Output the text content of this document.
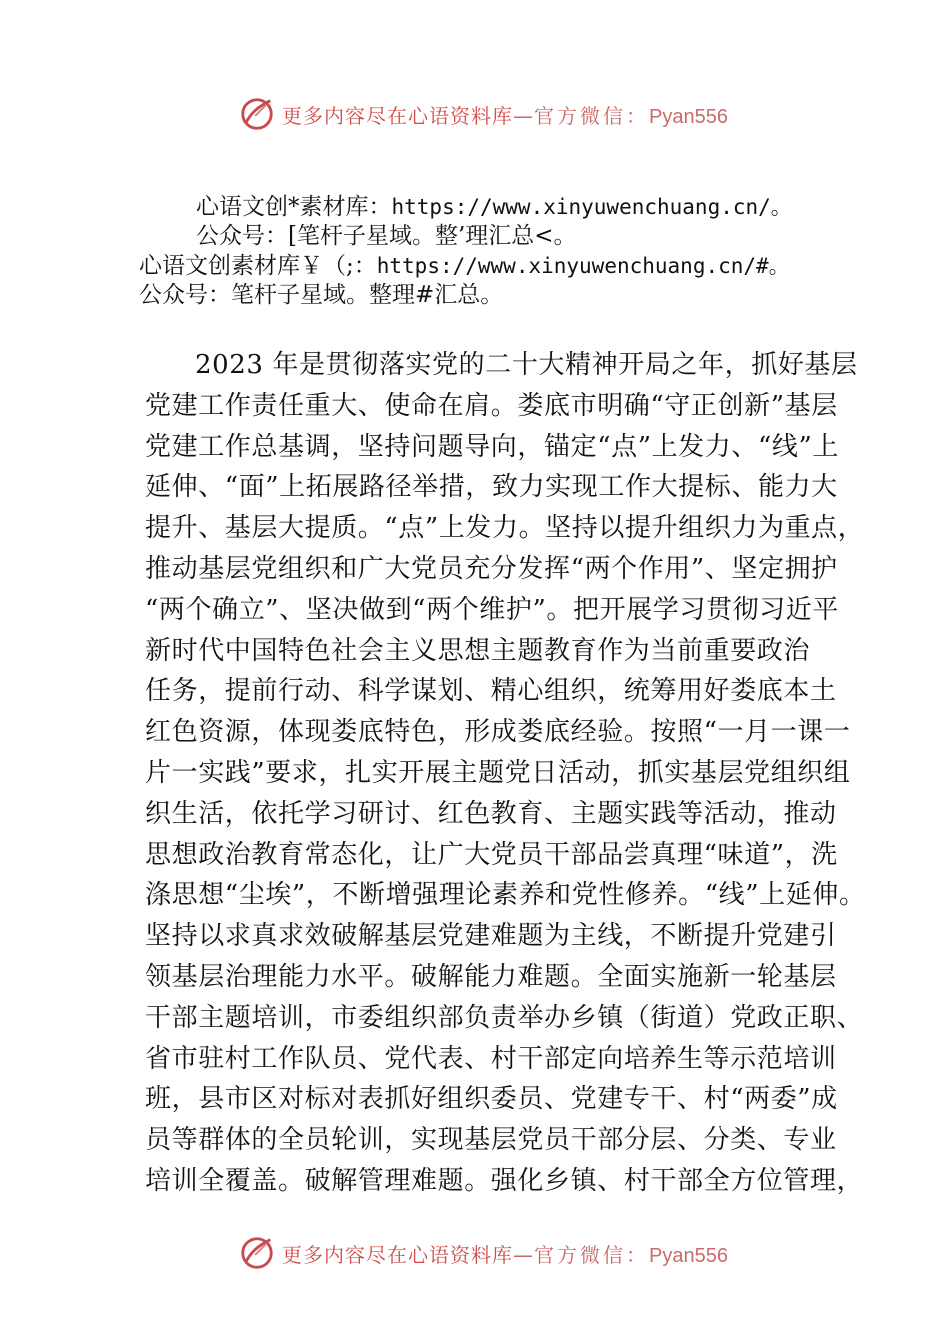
更多内容尽在心语资料库—官方微信：Pyan556
心语文创*素材库：https://www.xinyuwenchuang.cn/。
公众号：[笔杆子星域。整’理汇总<。
心语文创素材库￥（;：https://www.xinyuwenchuang.cn/#。
公众号：笔杆子星域。整理#汇总。
2023 年是贯彻落实党的二十大精神开局之年，抓好基层
党建工作责任重大、使命在肩。娄底市明确“守正创新”基层
党建工作总基调，坚持问题导向，锚定“点”上发力、“线”上
延伸、“面”上拓展路径举措，致力实现工作大提标、能力大
提升、基层大提质。“点”上发力。坚持以提升组织力为重点，
推动基层党组织和广大党员充分发挥“两个作用”、坚定拥护
“两个确立”、坚决做到“两个维护”。把开展学习贯彻习近平
新时代中国特色社会主义思想主题教育作为当前重要政治
任务，提前行动、科学谋划、精心组织，统筹用好娄底本土
红色资源，体现娄底特色，形成娄底经验。按照“一月一课一
片一实践”要求，扎实开展主题党日活动，抓实基层党组织组
织生活，依托学习研讨、红色教育、主题实践等活动，推动
思想政治教育常态化，让广大党员干部品尝真理“味道”，洗
涤思想“尘埃”，不断增强理论素养和党性修养。“线”上延伸。
坚持以求真求效破解基层党建难题为主线，不断提升党建引
领基层治理能力水平。破解能力难题。全面实施新一轮基层
干部主题培训，市委组织部负责举办乡镇（街道）党政正职、
省市驻村工作队员、党代表、村干部定向培养生等示范培训
班，县市区对标对表抓好组织委员、党建专干、村“两委”成
员等群体的全员轮训，实现基层党员干部分层、分类、专业
培训全覆盖。破解管理难题。强化乡镇、村干部全方位管理，
更多内容尽在心语资料库—官方微信：Pyan556
